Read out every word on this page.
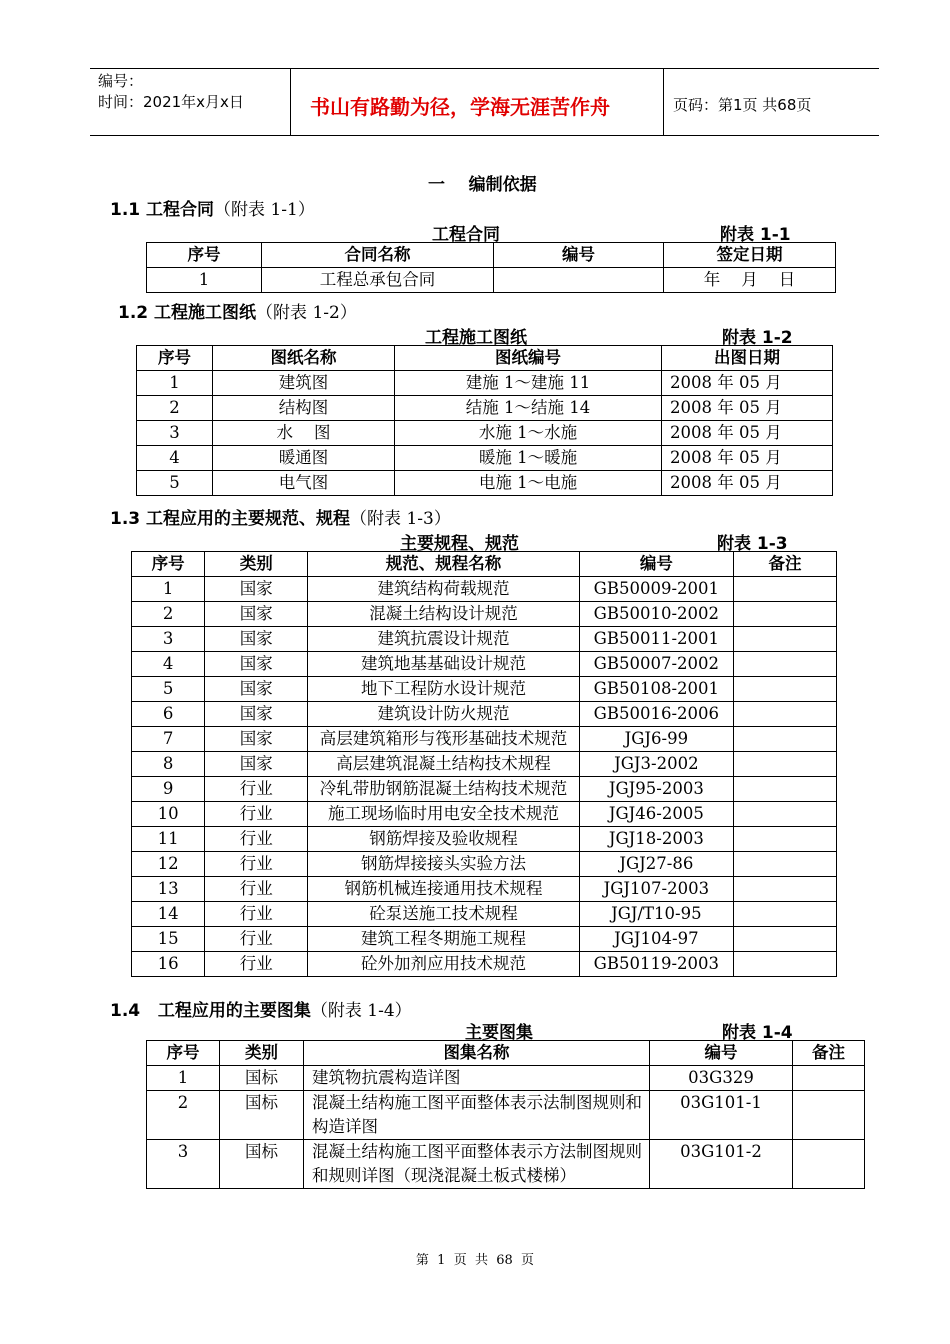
编号：
时间：2021年x月x日	书山有路勤为径，学海无涯苦作舟	页码：第1页 共68页
一    编制依据
1.1 工程合同（附表 1-1）
工程合同	附表 1-1
序号	合同名称	编号	签定日期
1	工程总承包合同		年    月    日
1.2 工程施工图纸（附表 1-2）
工程施工图纸	附表 1-2
序号	图纸名称	图纸编号	出图日期
1	建筑图	建施 1～建施 11	2008 年 05 月
2	结构图	结施 1～结施 14	2008 年 05 月
3	水    图	水施 1～水施	2008 年 05 月
4	暖通图	暖施 1～暖施	2008 年 05 月
5	电气图	电施 1～电施	2008 年 05 月
1.3 工程应用的主要规范、规程（附表 1-3）
主要规程、规范	附表 1-3
序号	类别	规范、规程名称	编号	备注
1	国家	建筑结构荷载规范	GB50009-2001	
2	国家	混凝土结构设计规范	GB50010-2002	
3	国家	建筑抗震设计规范	GB50011-2001	
4	国家	建筑地基基础设计规范	GB50007-2002	
5	国家	地下工程防水设计规范	GB50108-2001	
6	国家	建筑设计防火规范	GB50016-2006	
7	国家	高层建筑箱形与筏形基础技术规范	JGJ6-99	
8	国家	高层建筑混凝土结构技术规程	JGJ3-2002	
9	行业	冷轧带肋钢筋混凝土结构技术规范	JGJ95-2003	
10	行业	施工现场临时用电安全技术规范	JGJ46-2005	
11	行业	钢筋焊接及验收规程	JGJ18-2003	
12	行业	钢筋焊接接头实验方法	JGJ27-86	
13	行业	钢筋机械连接通用技术规程	JGJ107-2003	
14	行业	砼泵送施工技术规程	JGJ/T10-95	
15	行业	建筑工程冬期施工规程	JGJ104-97	
16	行业	砼外加剂应用技术规范	GB50119-2003	
1.4   工程应用的主要图集（附表 1-4）
主要图集	附表 1-4
序号	类别	图集名称	编号	备注
1	国标	建筑物抗震构造详图	03G329	
2	国标	混凝土结构施工图平面整体表示法制图规则和构造详图	03G101-1	
3	国标	混凝土结构施工图平面整体表示方法制图规则和规则详图（现浇混凝土板式楼梯）	03G101-2	
第  1  页  共  68  页
